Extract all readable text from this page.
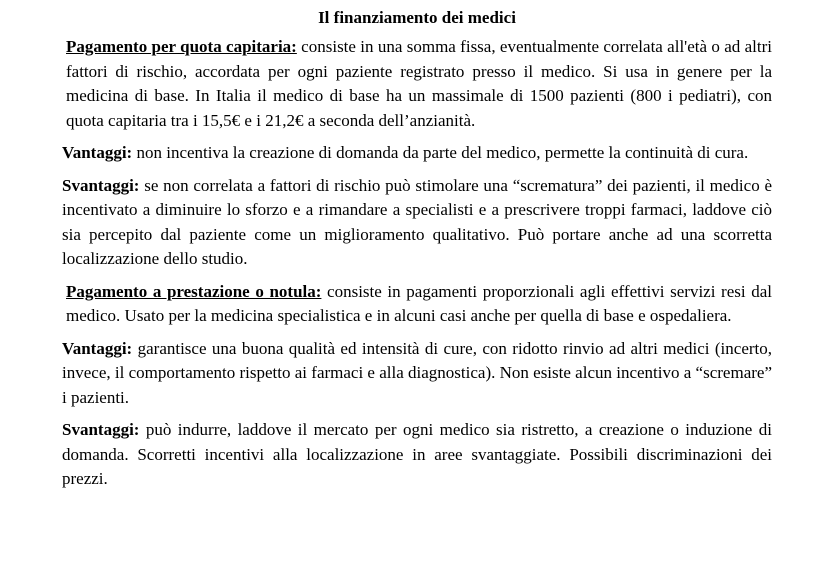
Il finanziamento dei medici

Pagamento per quota capitaria: consiste in una somma fissa, eventualmente correlata all'età o ad altri fattori di rischio, accordata per ogni paziente registrato presso il medico. Si usa in genere per la medicina di base. In Italia il medico di base ha un massimale di 1500 pazienti (800 i pediatri), con quota capitaria tra i 15,5€ e i 21,2€ a seconda dell’anzianità.

Vantaggi: non incentiva la creazione di domanda da parte del medico, permette la continuità di cura.

Svantaggi: se non correlata a fattori di rischio può stimolare una “scrematura” dei pazienti, il medico è incentivato a diminuire lo sforzo e a rimandare a specialisti e a prescrivere troppi farmaci, laddove ciò sia percepito dal paziente come un miglioramento qualitativo. Può portare anche ad una scorretta localizzazione dello studio.

Pagamento a prestazione o notula: consiste in pagamenti proporzionali agli effettivi servizi resi dal medico. Usato per la medicina specialistica e in alcuni casi anche per quella di base e ospedaliera.

Vantaggi: garantisce una buona qualità ed intensità di cure, con ridotto rinvio ad altri medici (incerto, invece, il comportamento rispetto ai farmaci e alla diagnostica). Non esiste alcun incentivo a “scremare” i pazienti.

Svantaggi: può indurre, laddove il mercato per ogni medico sia ristretto, a creazione o induzione di domanda. Scorretti incentivi alla localizzazione in aree svantaggiate. Possibili discriminazioni dei prezzi.
